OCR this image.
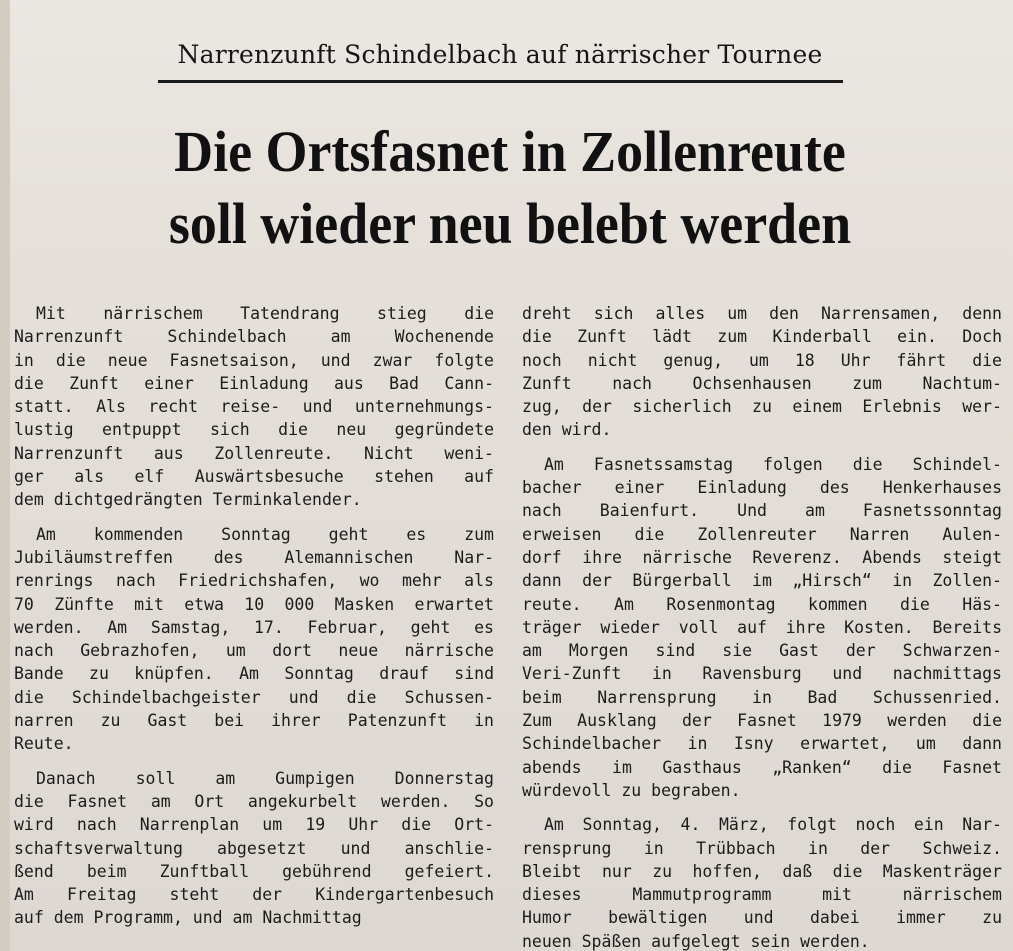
Narrenzunft Schindelbach auf närrischer Tournee
Die Ortsfasnet in Zollenreute
soll wieder neu belebt werden
Mit närrischem Tatendrang stieg die
Narrenzunft Schindelbach am Wochenende
in die neue Fasnetsaison, und zwar folgte
die Zunft einer Einladung aus Bad Cann-
statt. Als recht reise- und unternehmungs-
lustig entpuppt sich die neu gegründete
Narrenzunft aus Zollenreute. Nicht weni-
ger als elf Auswärtsbesuche stehen auf
dem dichtgedrängten Terminkalender.
Am kommenden Sonntag geht es zum
Jubiläumstreffen des Alemannischen Nar-
renrings nach Friedrichshafen, wo mehr als
70 Zünfte mit etwa 10 000 Masken erwartet
werden. Am Samstag, 17. Februar, geht es
nach Gebrazhofen, um dort neue närrische
Bande zu knüpfen. Am Sonntag drauf sind
die Schindelbachgeister und die Schussen-
narren zu Gast bei ihrer Patenzunft in
Reute.
Danach soll am Gumpigen Donnerstag
die Fasnet am Ort angekurbelt werden. So
wird nach Narrenplan um 19 Uhr die Ort-
schaftsverwaltung abgesetzt und anschlie-
ßend beim Zunftball gebührend gefeiert.
Am Freitag steht der Kindergartenbesuch
auf dem Programm, und am Nachmittag
dreht sich alles um den Narrensamen, denn
die Zunft lädt zum Kinderball ein. Doch
noch nicht genug, um 18 Uhr fährt die
Zunft nach Ochsenhausen zum Nachtum-
zug, der sicherlich zu einem Erlebnis wer-
den wird.
Am Fasnetssamstag folgen die Schindel-
bacher einer Einladung des Henkerhauses
nach Baienfurt. Und am Fasnetssonntag
erweisen die Zollenreuter Narren Aulen-
dorf ihre närrische Reverenz. Abends steigt
dann der Bürgerball im „Hirsch“ in Zollen-
reute. Am Rosenmontag kommen die Häs-
träger wieder voll auf ihre Kosten. Bereits
am Morgen sind sie Gast der Schwarzen-
Veri-Zunft in Ravensburg und nachmittags
beim Narrensprung in Bad Schussenried.
Zum Ausklang der Fasnet 1979 werden die
Schindelbacher in Isny erwartet, um dann
abends im Gasthaus „Ranken“ die Fasnet
würdevoll zu begraben.
Am Sonntag, 4. März, folgt noch ein Nar-
rensprung in Trübbach in der Schweiz.
Bleibt nur zu hoffen, daß die Maskenträger
dieses Mammutprogramm mit närrischem
Humor bewältigen und dabei immer zu
neuen Späßen aufgelegt sein werden.
